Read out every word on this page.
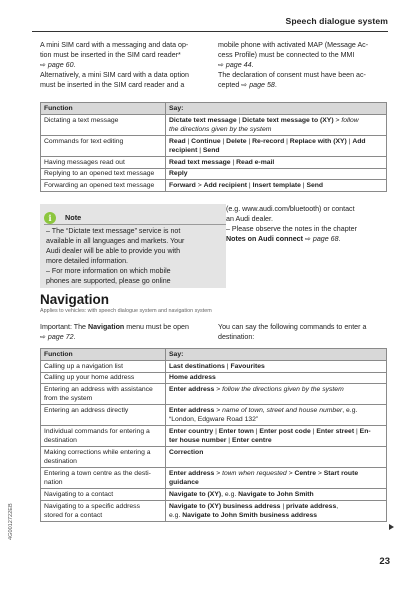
Speech dialogue system
A mini SIM card with a messaging and data op-
tion must be inserted in the SIM card reader*
⇨ page 60.
Alternatively, a mini SIM card with a data option
must be inserted in the SIM card reader and a
mobile phone with activated MAP (Message Ac-
cess Profile) must be connected to the MMI
⇨ page 44.
The declaration of consent must have been ac-
cepted ⇨ page 58.
Function	Say:

Dictating a text message	Dictate text message | Dictate text message to (XY) > follow
the directions given by the system

Commands for text editing	Read | Continue | Delete | Re-record | Replace with (XY) | Add
recipient | Send

Having messages read out	Read text message | Read e-mail

Replying to an opened text message	Reply

Forwarding an opened text message	Forward > Add recipient | Insert template | Send
i Note
– The “Dictate text message” service is not
available in all languages and markets. Your
Audi dealer will be able to provide you with
more detailed information.
– For more information on which mobile
phones are supported, please go online
(e.g. www.audi.com/bluetooth) or contact
an Audi dealer.
– Please observe the notes in the chapter
Notes on Audi connect ⇨ page 68.
Navigation
Applies to vehicles: with speech dialogue system and navigation system
Important: The Navigation menu must be open
⇨ page 72.
You can say the following commands to enter a
destination:
Function	Say:

Calling up a navigation list	Last destinations | Favourites

Calling up your home address	Home address

Entering an address with assistance
from the system	Enter address > follow the directions given by the system

Entering an address directly	Enter address > name of town, street and house number, e.g.
“London, Edgware Road 132”

Individual commands for entering a
destination	Enter country | Enter town | Enter post code | Enter street | En-
ter house number | Enter centre

Making corrections while entering a
destination	Correction

Entering a town centre as the desti-
nation	Enter address > town when requested > Centre > Start route
guidance

Navigating to a contact	Navigate to (XY), e.g. Navigate to John Smith

Navigating to a specific address
stored for a contact	Navigate to (XY) business address | private address,
e.g. Navigate to John Smith business address
4G0012722EB
23
